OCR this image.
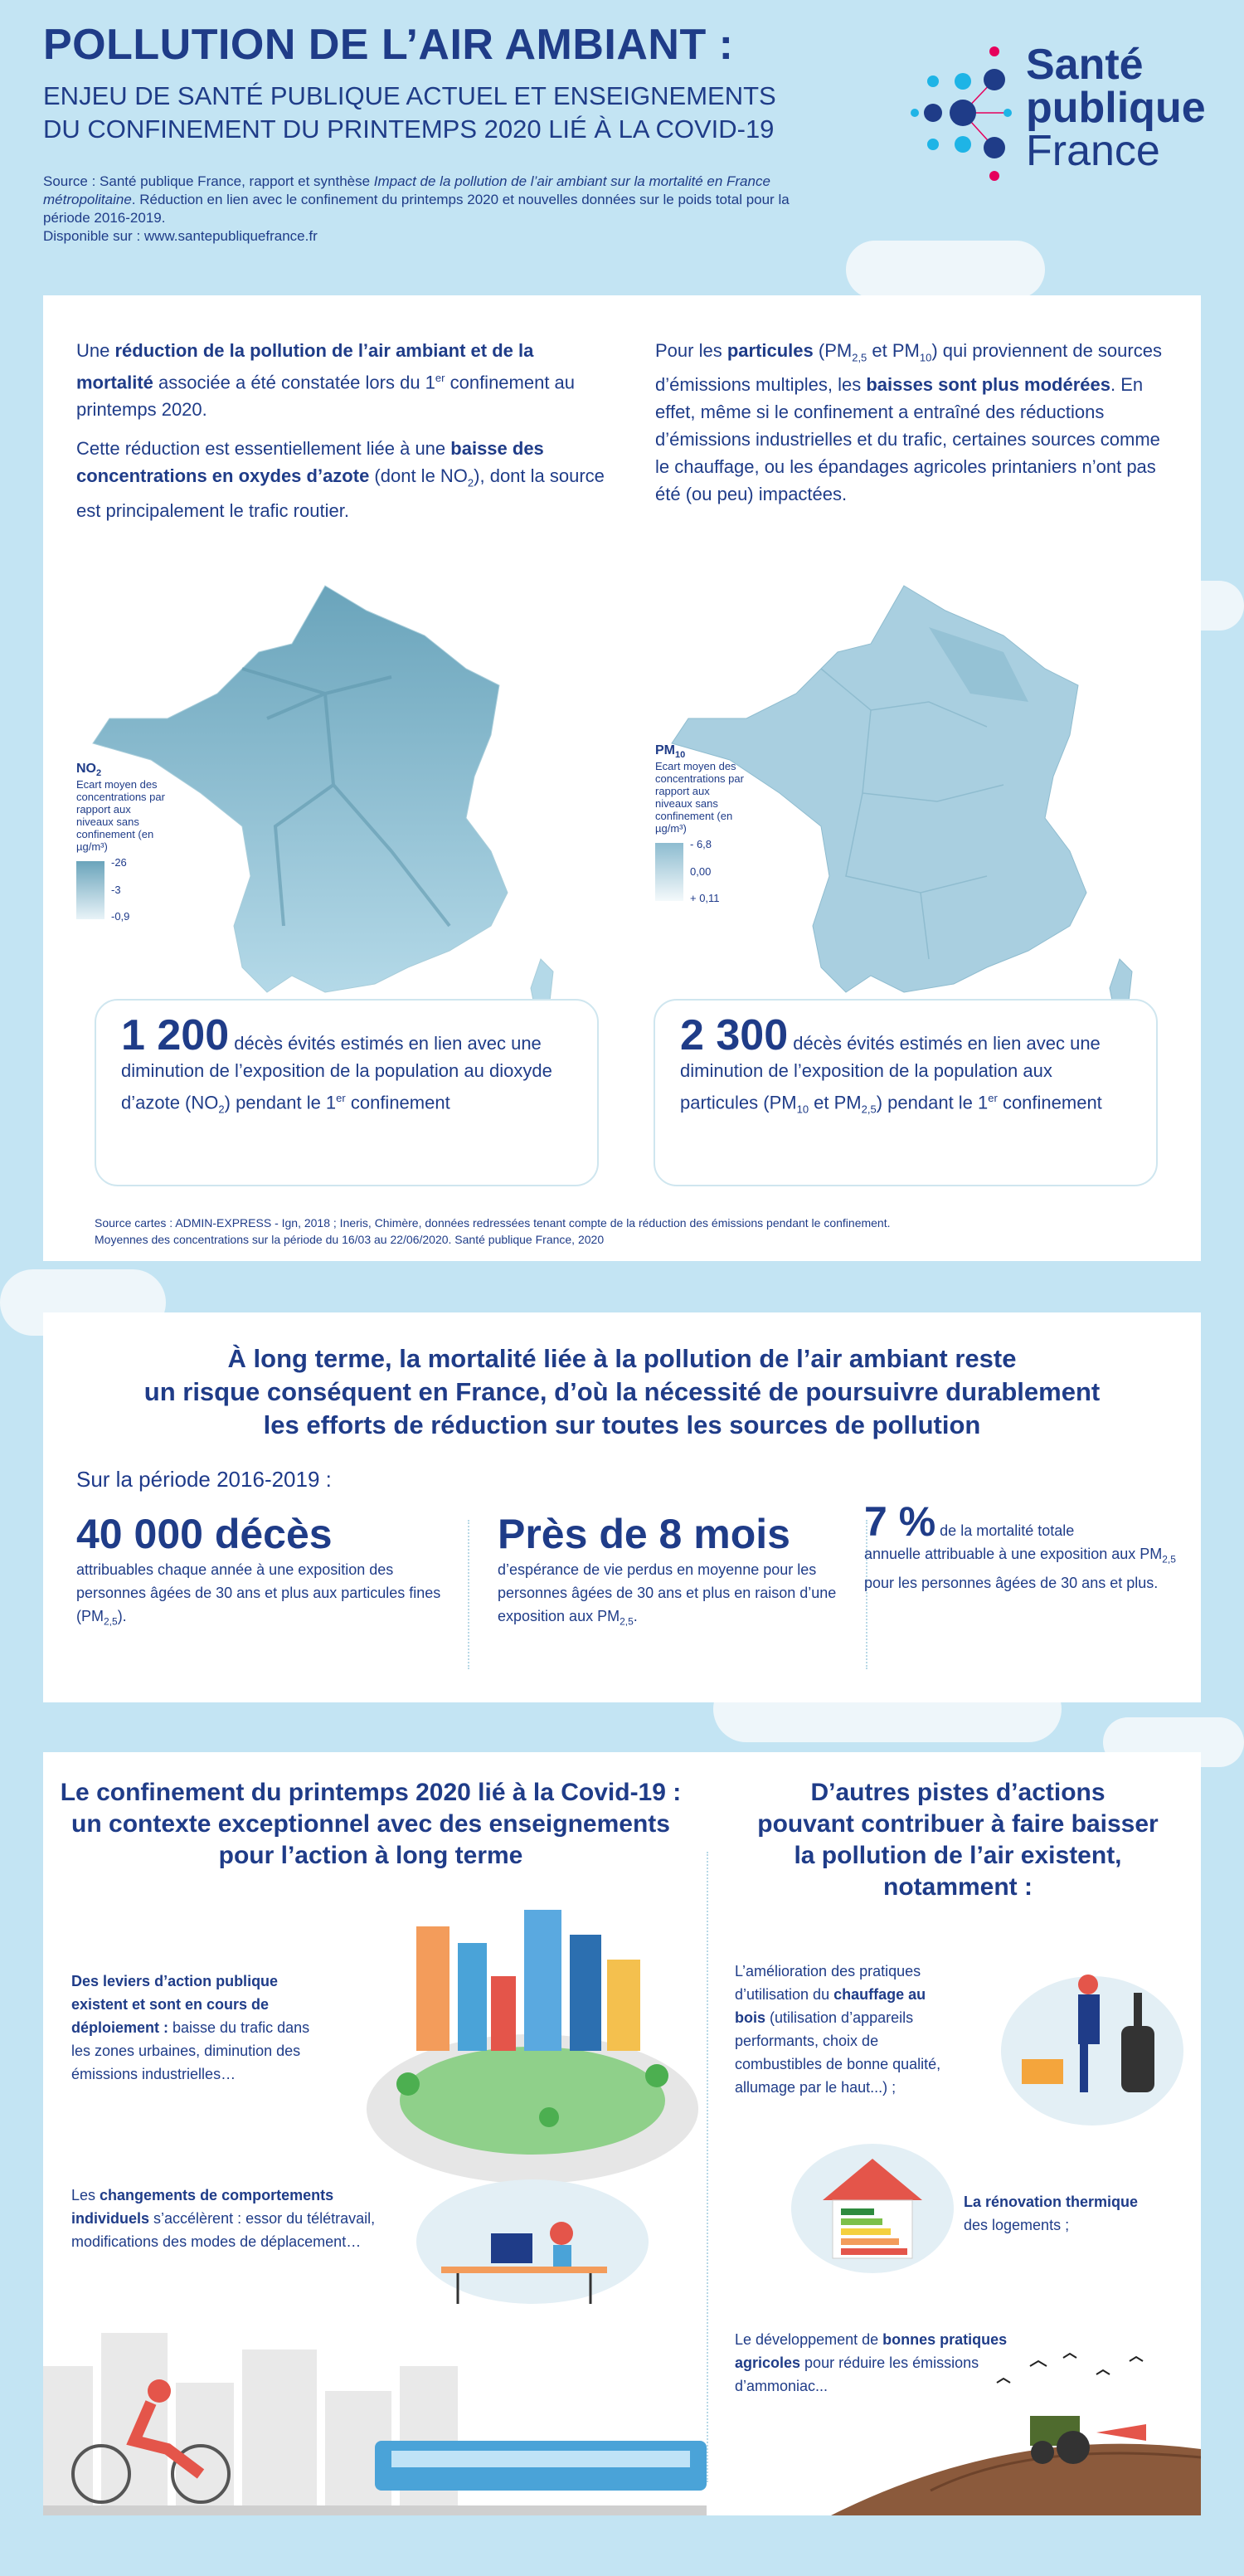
POLLUTION DE L’AIR AMBIANT :
ENJEU DE SANTÉ PUBLIQUE ACTUEL ET ENSEIGNEMENTS
DU CONFINEMENT DU PRINTEMPS 2020 LIÉ À LA COVID-19
Source : Santé publique France, rapport et synthèse Impact de la pollution de l’air ambiant sur la mortalité en France métropolitaine. Réduction en lien avec le confinement du printemps 2020 et nouvelles données sur le poids total pour la période 2016-2019.
Disponible sur : www.santepubliquefrance.fr
Santé
publique
France

Une réduction de la pollution de l’air ambiant et de la mortalité associée a été constatée lors du 1er confinement au printemps 2020.

Cette réduction est essentiellement liée à une baisse des concentrations en oxydes d’azote (dont le $NO_2$), dont la source est principalement le trafic routier.

Pour les particules ($PM_{2,5}$ et $PM_{10}$) qui proviennent de sources d’émissions multiples, les baisses sont plus modérées. En effet, même si le confinement a entraîné des réductions d’émissions industrielles et du trafic, certaines sources comme le chauffage, ou les épandages agricoles printaniers n’ont pas été (ou peu) impactées.

$NO_2$
Ecart moyen des concentrations par rapport aux niveaux sans confinement (en µg/m³)
-26
-3
-0,9
$PM_{10}$
Ecart moyen des concentrations par rapport aux niveaux sans confinement (en µg/m³)
- 6,8
0,00
+ 0,11
1 200 décès évités estimés en lien avec une diminution de l’exposition de la population au dioxyde d’azote $(NO_2)$ pendant le 1er confinement
2 300 décès évités estimés en lien avec une diminution de l’exposition de la population aux particules ($PM_{10}$ et $PM_{2,5}$) pendant le 1er confinement
Source cartes : ADMIN-EXPRESS - Ign, 2018 ; Ineris, Chimère, données redressées tenant compte de la réduction des émissions pendant le confinement.
Moyennes des concentrations sur la période du 16/03 au 22/06/2020. Santé publique France, 2020
À long terme, la mortalité liée à la pollution de l’air ambiant reste
un risque conséquent en France, d’où la nécessité de poursuivre durablement
les efforts de réduction sur toutes les sources de pollution
Sur la période 2016-2019 :
40 000 décès
attribuables chaque année à une exposition des personnes âgées de 30 ans et plus aux particules fines $(PM_{2,5})$.
Près de 8 mois
d’espérance de vie perdus en moyenne pour les personnes âgées de 30 ans et plus en raison d’une exposition aux $PM_{2,5}$.
7 % de la mortalité totale
annuelle attribuable à une exposition aux $PM_{2,5}$ pour les personnes âgées de 30 ans et plus.
Le confinement du printemps 2020 lié à la Covid-19 :
un contexte exceptionnel avec des enseignements
pour l’action à long terme
D’autres pistes d’actions
pouvant contribuer à faire baisser
la pollution de l’air existent,
notamment :
Des leviers d’action publique existent et sont en cours de déploiement : baisse du trafic dans les zones urbaines, diminution des émissions industrielles…
Les changements de comportements individuels s’accélèrent : essor du télétravail, modifications des modes de déplacement…
L’amélioration des pratiques d’utilisation du chauffage au bois (utilisation d’appareils performants, choix de combustibles de bonne qualité, allumage par le haut...) ;
La rénovation thermique
des logements ;
Le développement de bonnes pratiques agricoles pour réduire les émissions d’ammoniac...
